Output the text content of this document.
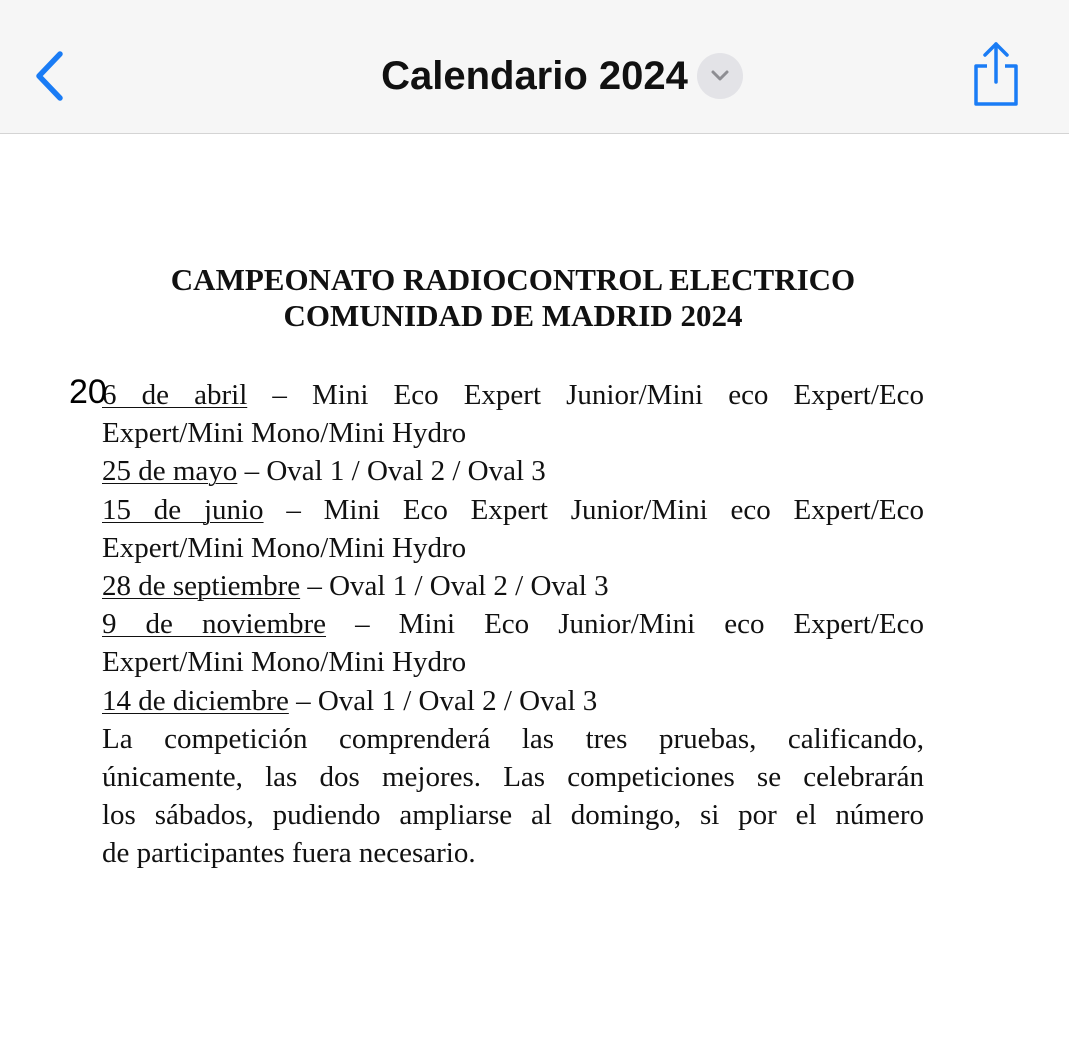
Calendario 2024
CAMPEONATO RADIOCONTROL ELECTRICO
COMUNIDAD DE MADRID 2024
6 de abril – Mini Eco Expert Junior/Mini eco Expert/Eco
Expert/Mini Mono/Mini Hydro
25 de mayo – Oval 1 / Oval 2 / Oval 3
15 de junio – Mini Eco Expert Junior/Mini eco Expert/Eco
Expert/Mini Mono/Mini Hydro
28 de septiembre – Oval 1 / Oval 2 / Oval 3
9 de noviembre – Mini Eco Junior/Mini eco Expert/Eco
Expert/Mini Mono/Mini Hydro
14 de diciembre – Oval 1 / Oval 2 / Oval 3
La competición comprenderá las tres pruebas, calificando,
únicamente, las dos mejores. Las competiciones se celebrarán
los sábados, pudiendo ampliarse al domingo, si por el número
de participantes fuera necesario.
20
